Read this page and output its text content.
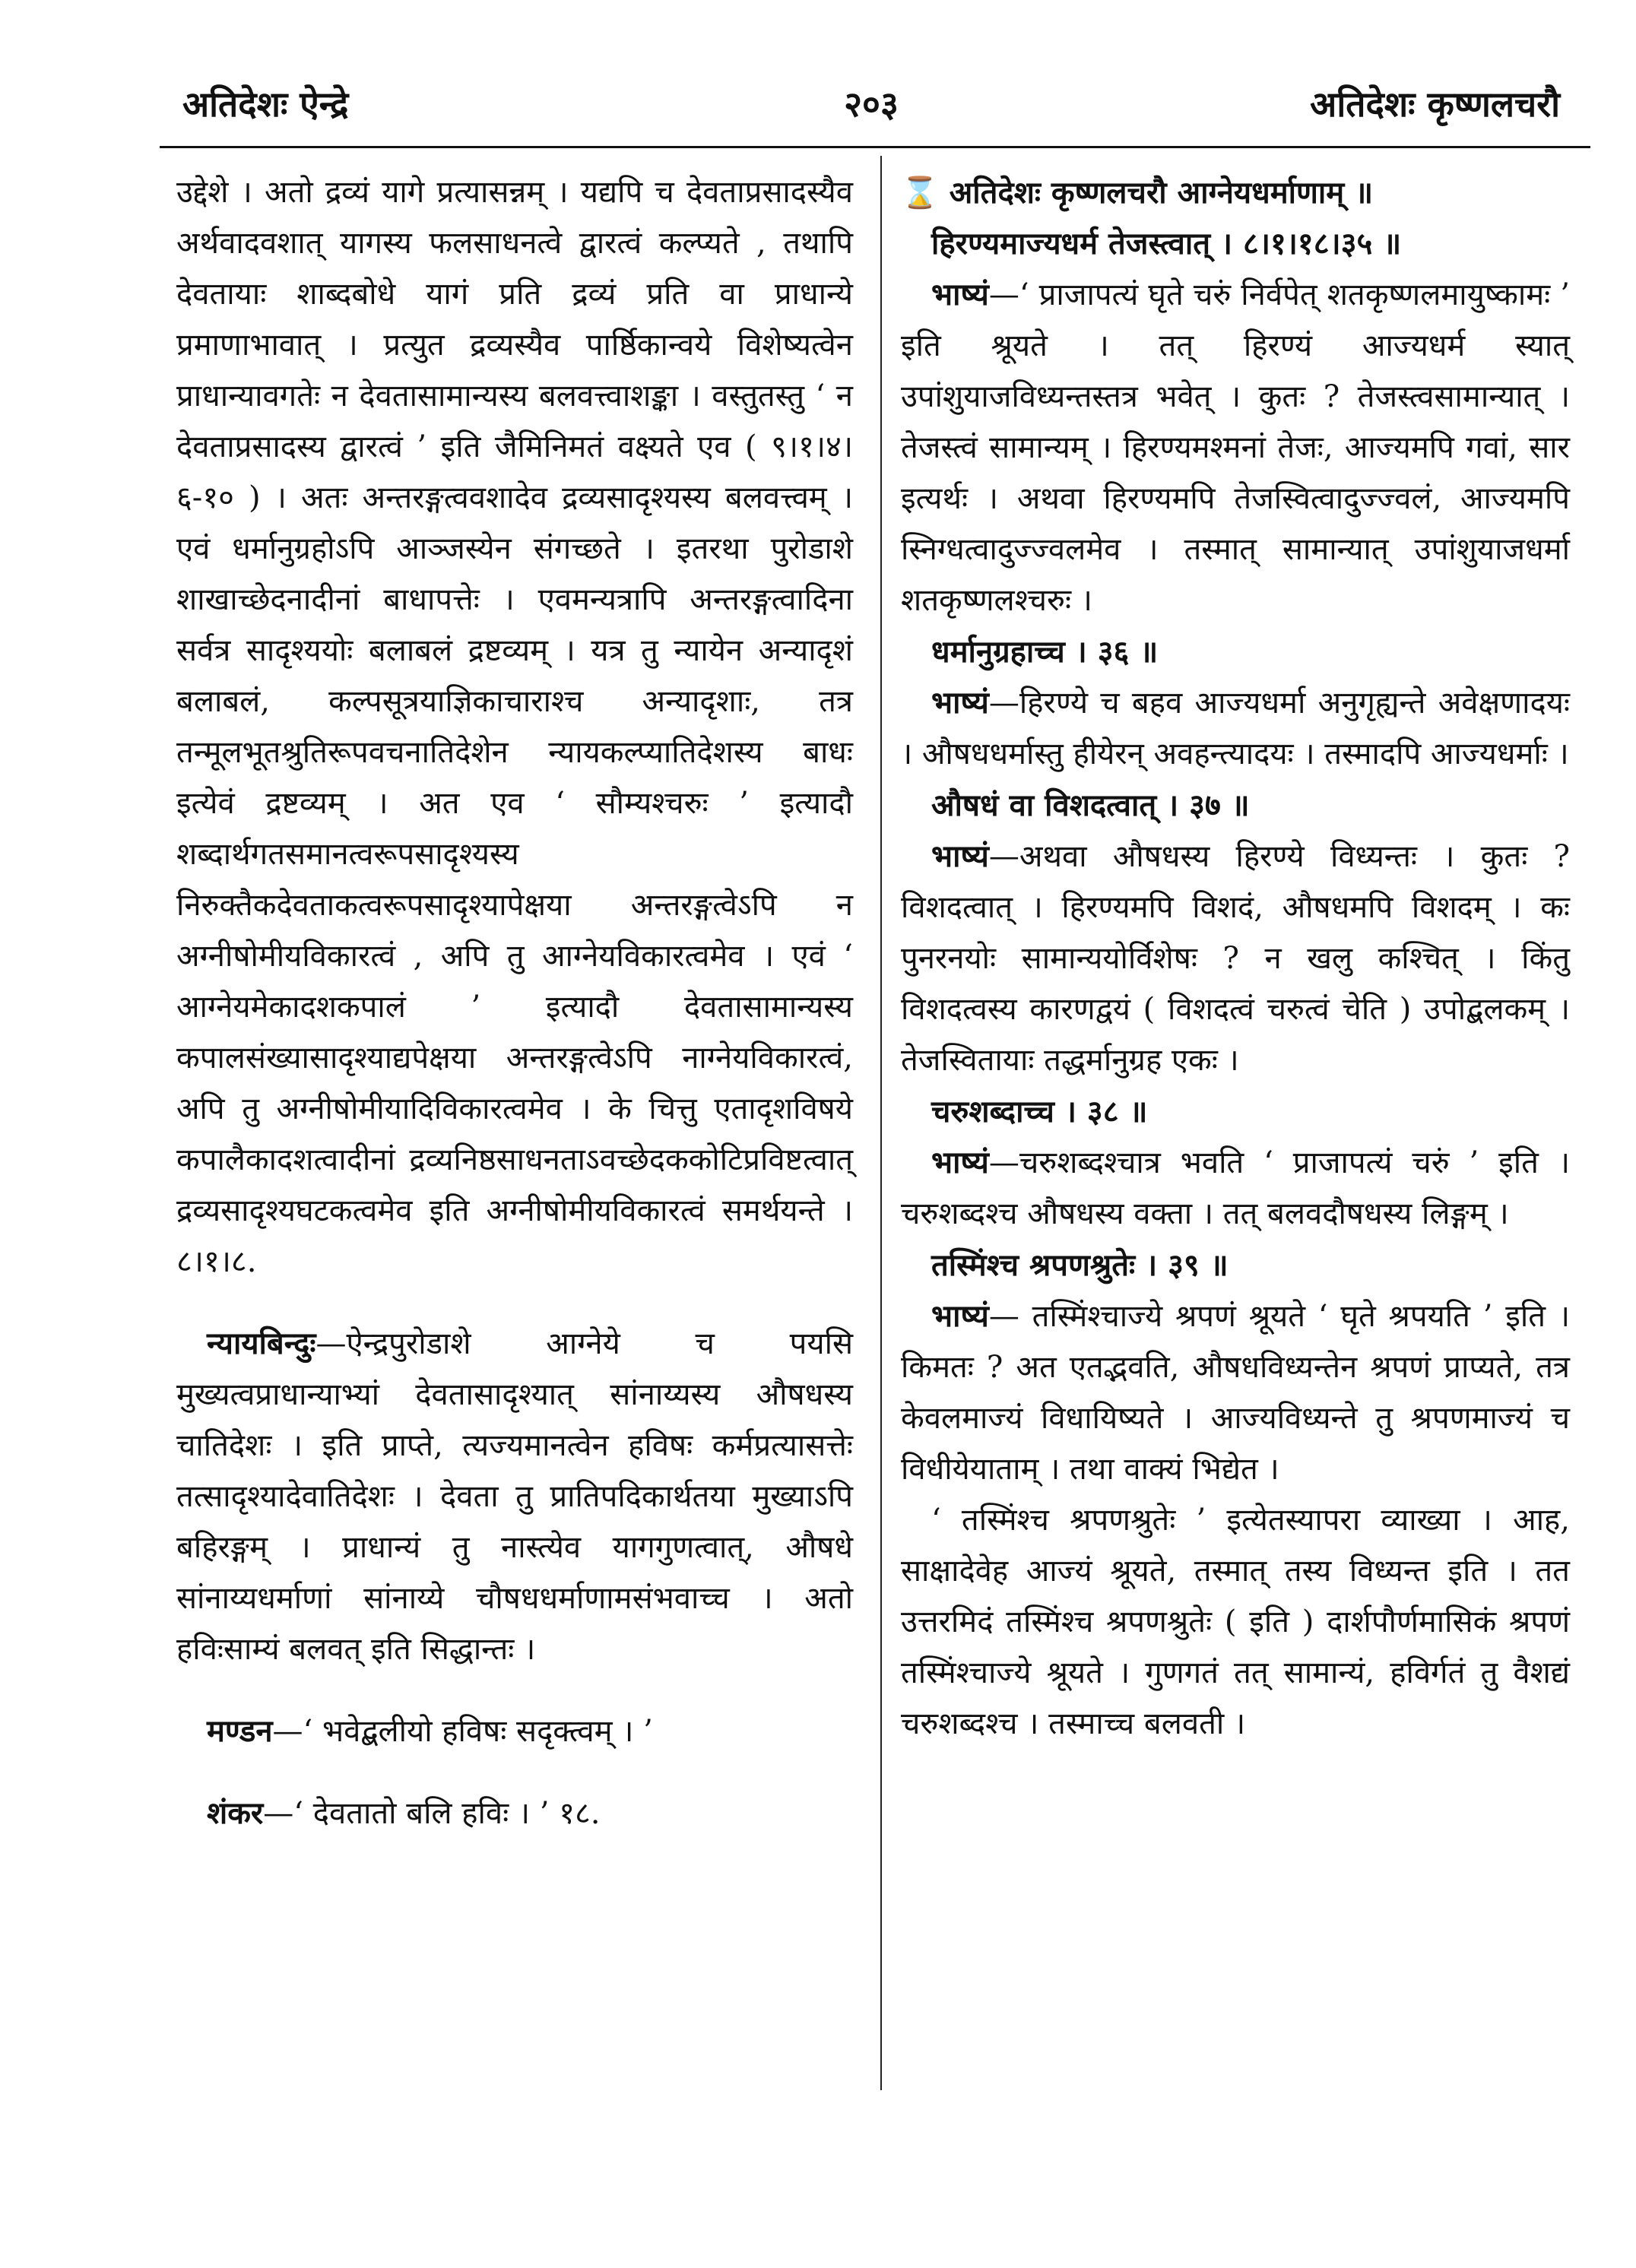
अतिदेशः ऐन्द्रे	२०३	अतिदेशः कृष्णलचरौ

उद्देशे । अतो द्रव्यं यागे प्रत्यासन्नम् । यद्यपि च देवताप्रसादस्यैव अर्थवादवशात् यागस्य फलसाधनत्वे द्वारत्वं कल्प्यते , तथापि देवतायाः शाब्दबोधे यागं प्रति द्रव्यं प्रति वा प्राधान्ये प्रमाणाभावात् । प्रत्युत द्रव्यस्यैव पार्ष्ठिकान्वये विशेष्यत्वेन प्राधान्यावगतेः न देवतासामान्यस्य बलवत्त्वाशङ्का । वस्तुतस्तु ‘ न देवताप्रसादस्य द्वारत्वं ’ इति जैमिनिमतं वक्ष्यते एव ( ९।१।४।६-१० ) । अतः अन्तरङ्गत्ववशादेव द्रव्यसादृश्यस्य बलवत्त्वम् । एवं धर्मानुग्रहोऽपि आञ्जस्येन संगच्छते । इतरथा पुरोडाशे शाखाच्छेदनादीनां बाधापत्तेः । एवमन्यत्रापि अन्तरङ्गत्वादिना सर्वत्र सादृश्ययोः बलाबलं द्रष्टव्यम् । यत्र तु न्यायेन अन्यादृशं बलाबलं, कल्पसूत्रयाज्ञिकाचाराश्च अन्यादृशाः, तत्र तन्मूलभूतश्रुतिरूपवचनातिदेशेन न्यायकल्प्यातिदेशस्य बाधः इत्येवं द्रष्टव्यम् । अत एव ‘ सौम्यश्चरुः ’ इत्यादौ शब्दार्थगतसमानत्वरूपसादृश्यस्य निरुक्तैकदेवताकत्वरूपसादृश्यापेक्षया अन्तरङ्गत्वेऽपि न अग्नीषोमीयविकारत्वं , अपि तु आग्नेयविकारत्वमेव । एवं ‘ आग्नेयमेकादशकपालं ’ इत्यादौ देवतासामान्यस्य कपालसंख्यासादृश्याद्यपेक्षया अन्तरङ्गत्वेऽपि नाग्नेयविकारत्वं, अपि तु अग्नीषोमीयादिविकारत्वमेव । के चित्तु एतादृशविषये कपालैकादशत्वादीनां द्रव्यनिष्ठसाधनताऽवच्छेदककोटिप्रविष्टत्वात् द्रव्यसादृश्यघटकत्वमेव इति अग्नीषोमीयविकारत्वं समर्थयन्ते । ८।१।८.

न्यायबिन्दुः—ऐन्द्रपुरोडाशे आग्नेये च पयसि मुख्यत्वप्राधान्याभ्यां देवतासादृश्यात् सांनाय्यस्य औषधस्य चातिदेशः । इति प्राप्ते, त्यज्यमानत्वेन हविषः कर्मप्रत्यासत्तेः तत्सादृश्यादेवातिदेशः । देवता तु प्रातिपदिकार्थतया मुख्याऽपि बहिरङ्गम् । प्राधान्यं तु नास्त्येव यागगुणत्वात्, औषधे सांनाय्यधर्माणां सांनाय्ये चौषधधर्माणामसंभवाच्च । अतो हविःसाम्यं बलवत् इति सिद्धान्तः ।

मण्डन—‘ भवेद्बलीयो हविषः सदृक्त्वम् । ’

शंकर—‘ देवतातो बलि हविः । ’ १८.

⌛ अतिदेशः कृष्णलचरौ आग्नेयधर्माणाम् ॥

हिरण्यमाज्यधर्म तेजस्त्वात् । ८।१।१८।३५ ॥

भाष्यं—‘ प्राजापत्यं घृते चरुं निर्वपेत् शतकृष्णलमायुष्कामः ’ इति श्रूयते । तत् हिरण्यं आज्यधर्म स्यात् उपांशुयाजविध्यन्तस्तत्र भवेत् । कुतः ? तेजस्त्वसामान्यात् । तेजस्त्वं सामान्यम् । हिरण्यमश्मनां तेजः, आज्यमपि गवां, सार इत्यर्थः । अथवा हिरण्यमपि तेजस्वित्वादुज्ज्वलं, आज्यमपि स्निग्धत्वादुज्ज्वलमेव । तस्मात् सामान्यात् उपांशुयाजधर्मा शतकृष्णलश्चरुः ।

धर्मानुग्रहाच्च । ३६ ॥

भाष्यं—हिरण्ये च बहव आज्यधर्मा अनुगृह्यन्ते अवेक्षणादयः । औषधधर्मास्तु हीयेरन् अवहन्त्यादयः । तस्मादपि आज्यधर्माः ।

औषधं वा विशदत्वात् । ३७ ॥

भाष्यं—अथवा औषधस्य हिरण्ये विध्यन्तः । कुतः ? विशदत्वात् । हिरण्यमपि विशदं, औषधमपि विशदम् । कः पुनरनयोः सामान्ययोर्विशेषः ? न खलु कश्चित् । किंतु विशदत्वस्य कारणद्वयं ( विशदत्वं चरुत्वं चेति ) उपोद्बलकम् । तेजस्वितायाः तद्धर्मानुग्रह एकः ।

चरुशब्दाच्च । ३८ ॥

भाष्यं—चरुशब्दश्चात्र भवति ‘ प्राजापत्यं चरुं ’ इति । चरुशब्दश्च औषधस्य वक्ता । तत् बलवदौषधस्य लिङ्गम् ।

तस्मिंश्च श्रपणश्रुतेः । ३९ ॥

भाष्यं— तस्मिंश्चाज्ये श्रपणं श्रूयते ‘ घृते श्रपयति ’ इति । किमतः ? अत एतद्भवति, औषधविध्यन्तेन श्रपणं प्राप्यते, तत्र केवलमाज्यं विधायिष्यते । आज्यविध्यन्ते तु श्रपणमाज्यं च विधीयेयाताम् । तथा वाक्यं भिद्येत ।

‘ तस्मिंश्च श्रपणश्रुतेः ’ इत्येतस्यापरा व्याख्या । आह, साक्षादेवेह आज्यं श्रूयते, तस्मात् तस्य विध्यन्त इति । तत उत्तरमिदं तस्मिंश्च श्रपणश्रुतेः ( इति ) दार्शपौर्णमासिकं श्रपणं तस्मिंश्चाज्ये श्रूयते । गुणगतं तत् सामान्यं, हविर्गतं तु वैशद्यं चरुशब्दश्च । तस्माच्च बलवती ।
